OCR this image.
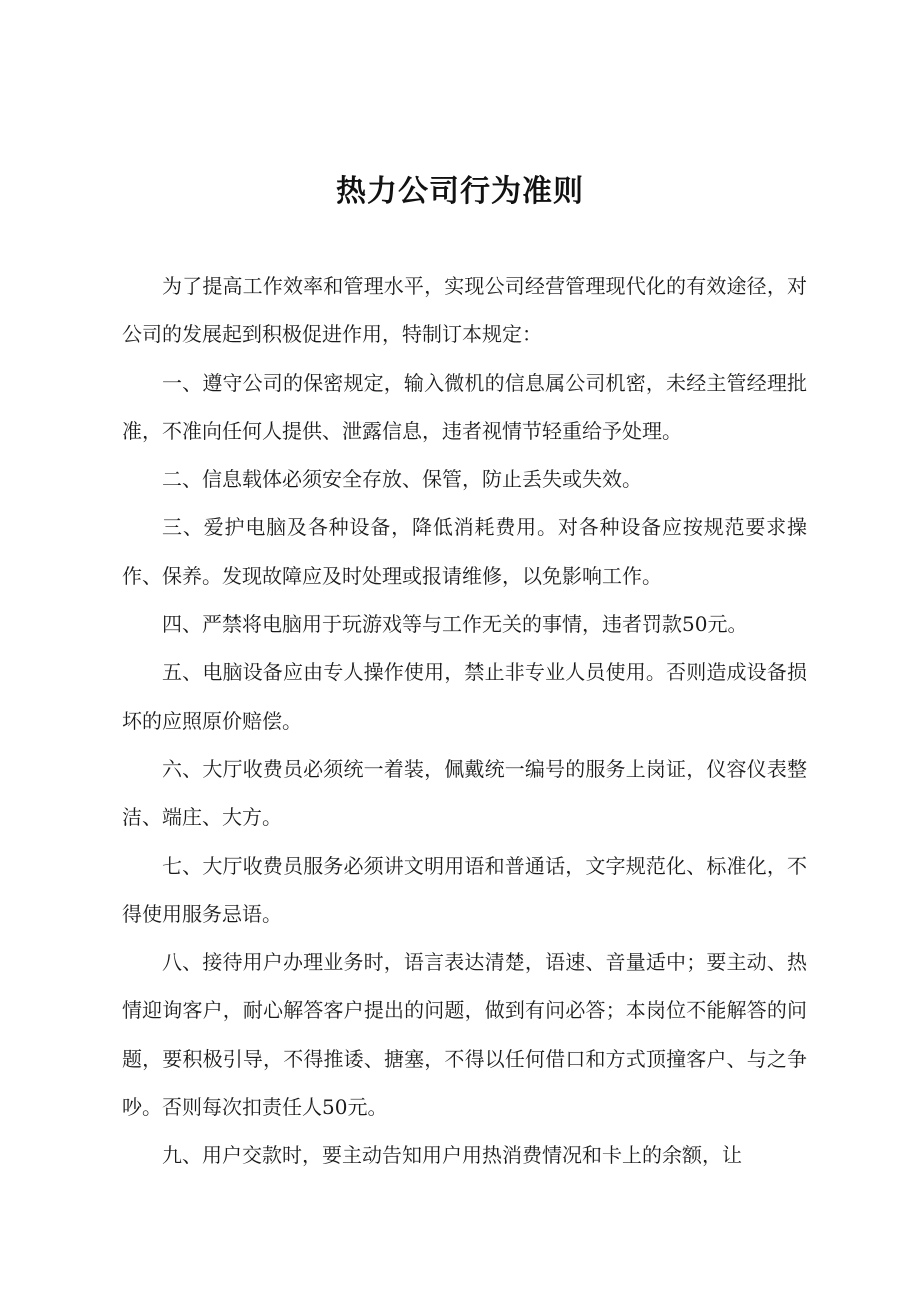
热力公司行为准则

为了提高工作效率和管理水平，实现公司经营管理现代化的有效途径，对公司的发展起到积极促进作用，特制订本规定：

一、遵守公司的保密规定，输入微机的信息属公司机密，未经主管经理批准，不准向任何人提供、泄露信息，违者视情节轻重给予处理。

二、信息载体必须安全存放、保管，防止丢失或失效。

三、爱护电脑及各种设备，降低消耗费用。对各种设备应按规范要求操作、保养。发现故障应及时处理或报请维修，以免影响工作。

四、严禁将电脑用于玩游戏等与工作无关的事情，违者罚款50元。

五、电脑设备应由专人操作使用，禁止非专业人员使用。否则造成设备损坏的应照原价赔偿。

六、大厅收费员必须统一着装，佩戴统一编号的服务上岗证，仪容仪表整洁、端庄、大方。

七、大厅收费员服务必须讲文明用语和普通话，文字规范化、标准化，不得使用服务忌语。

八、接待用户办理业务时，语言表达清楚，语速、音量适中；要主动、热情迎询客户，耐心解答客户提出的问题，做到有问必答；本岗位不能解答的问题，要积极引导，不得推诿、搪塞，不得以任何借口和方式顶撞客户、与之争吵。否则每次扣责任人50元。

九、用户交款时，要主动告知用户用热消费情况和卡上的余额，让
